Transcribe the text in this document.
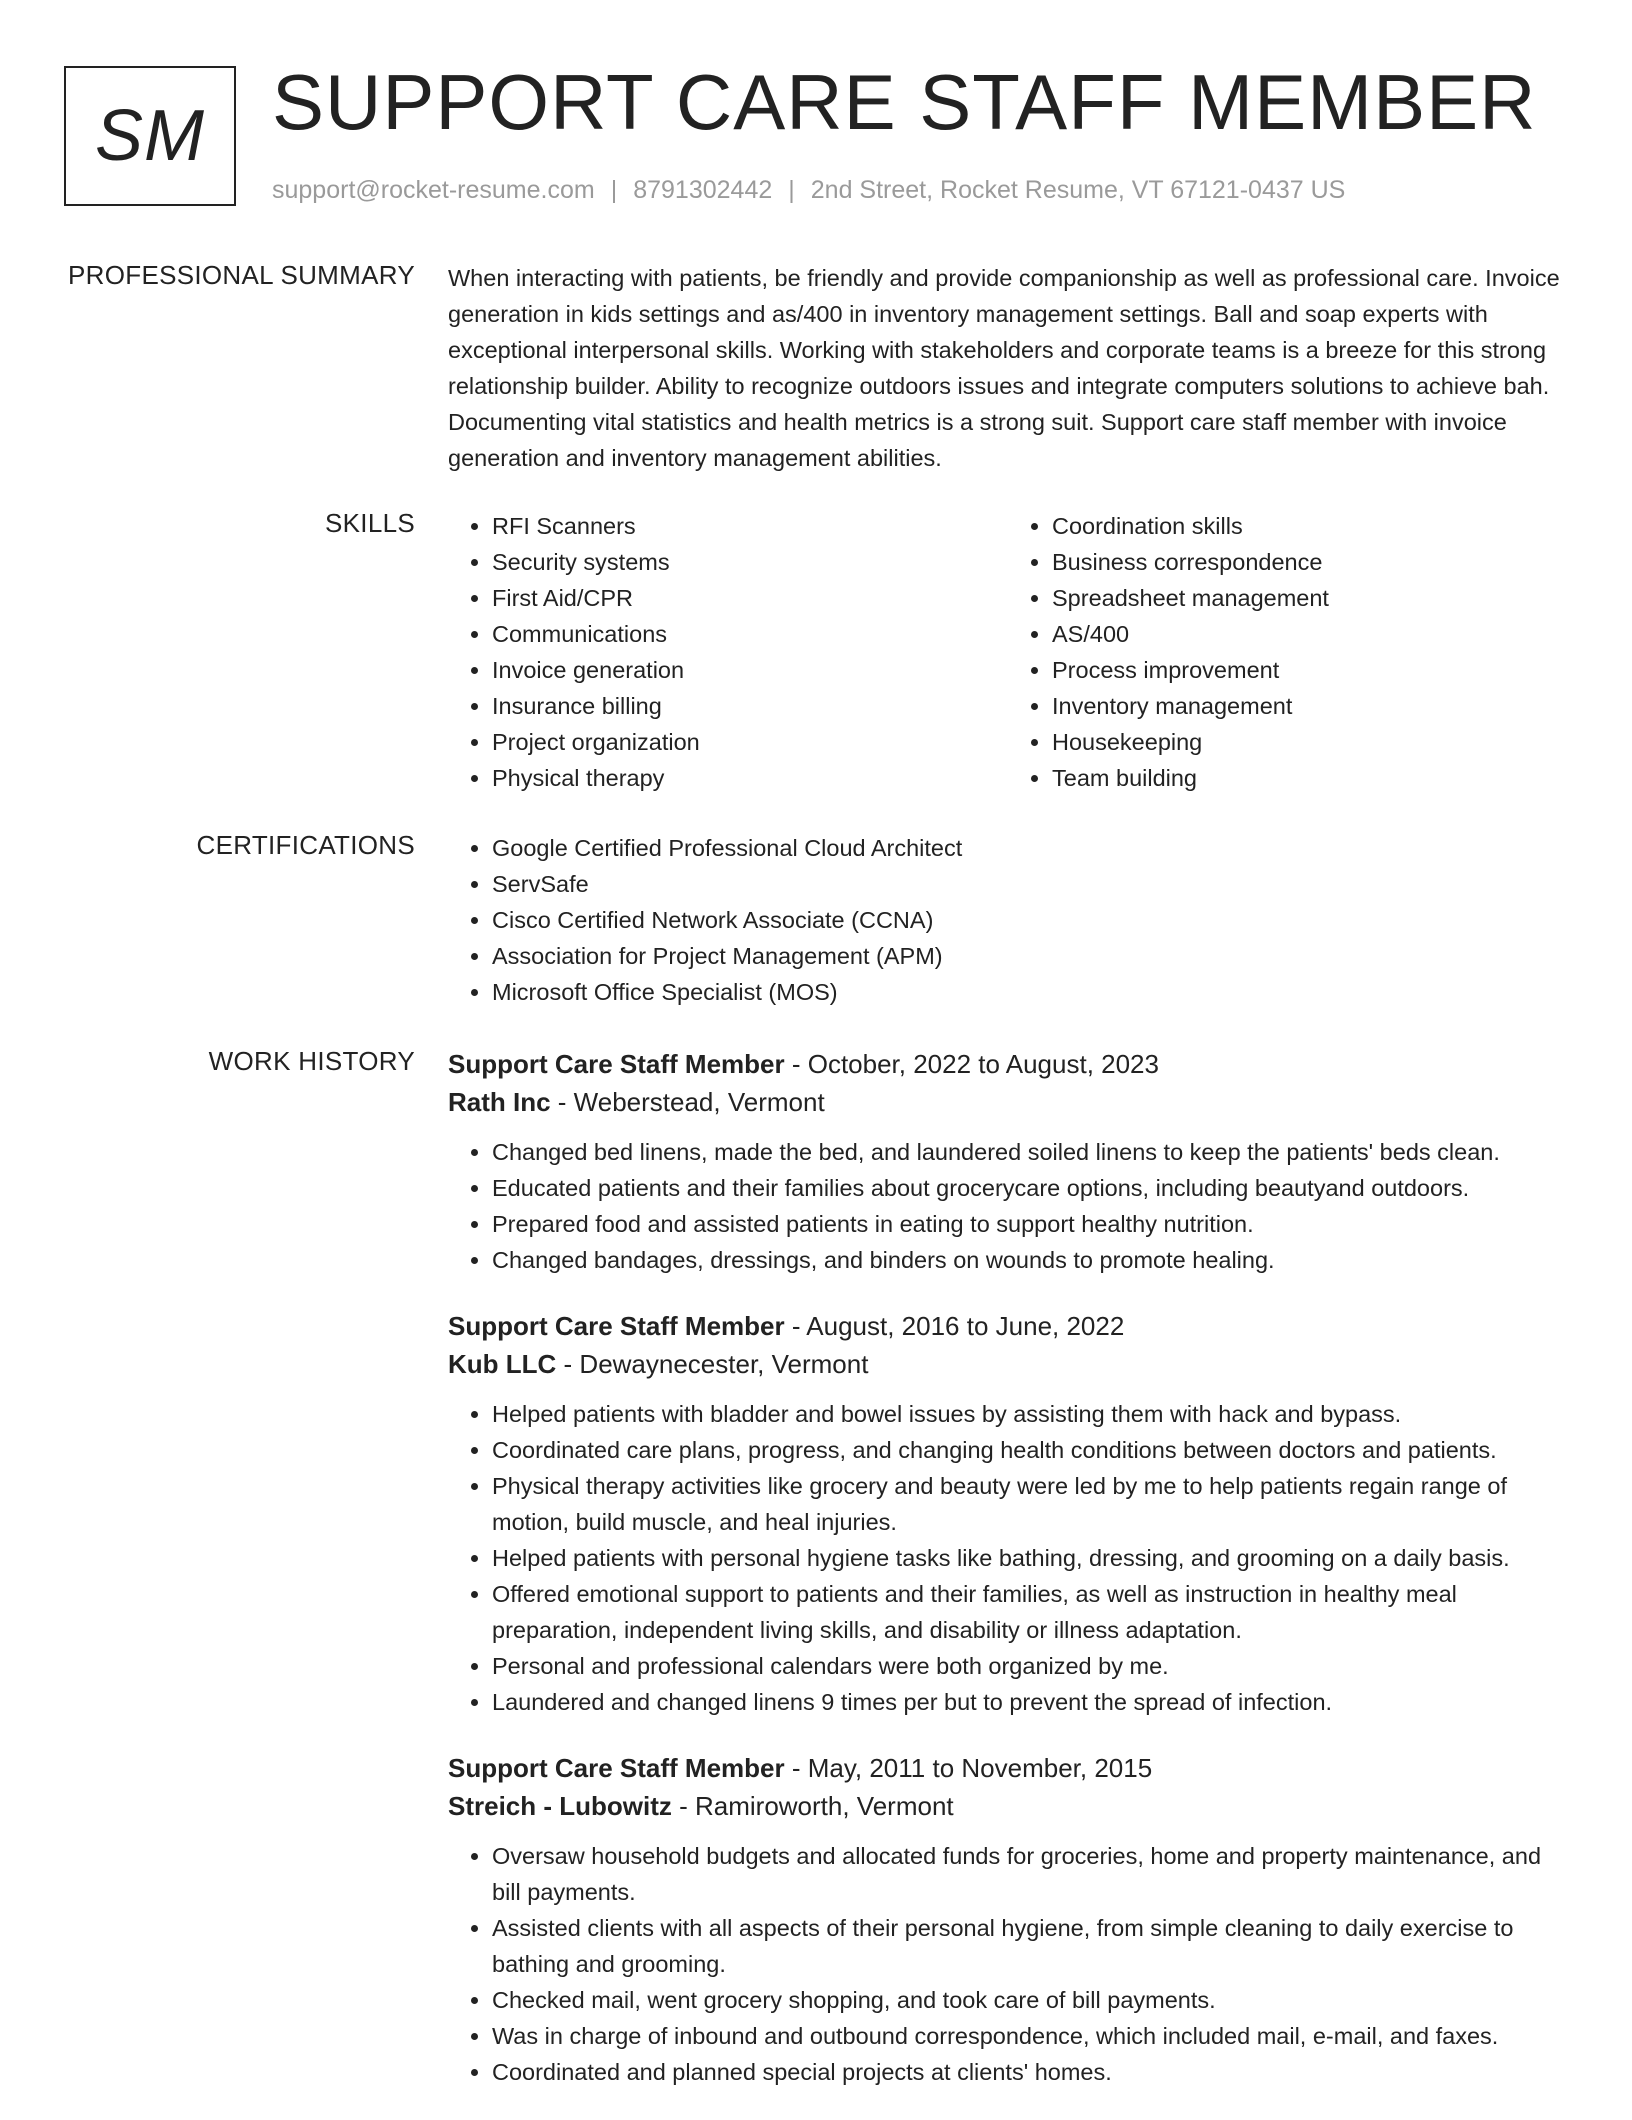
SM SUPPORT CARE STAFF MEMBER
support@rocket-resume.com | 8791302442 | 2nd Street, Rocket Resume, VT 67121-0437 US
PROFESSIONAL SUMMARY When interacting with patients, be friendly and provide companionship as well as professional care. Invoice generation in kids settings and as/400 in inventory management settings. Ball and soap experts with exceptional interpersonal skills. Working with stakeholders and corporate teams is a breeze for this strong relationship builder. Ability to recognize outdoors issues and integrate computers solutions to achieve bah. Documenting vital statistics and health metrics is a strong suit. Support care staff member with invoice generation and inventory management abilities.

SKILLS	• RFI Scanners
• Security systems
• First Aid/CPR
• Communications
• Invoice generation
• Insurance billing
• Project organization
• Physical therapy
• Coordination skills
• Business correspondence
• Spreadsheet management
• AS/400
• Process improvement
• Inventory management
• Housekeeping
• Team building
CERTIFICATIONS	• Google Certified Professional Cloud Architect
• ServSafe
• Cisco Certified Network Associate (CCNA)
• Association for Project Management (APM)
• Microsoft Office Specialist (MOS)
WORK HISTORY Support Care Staff Member - October, 2022 to August, 2023

Rath Inc - Weberstead, Vermont

• Changed bed linens, made the bed, and laundered soiled linens to keep the patients' beds clean.
• Educated patients and their families about grocerycare options, including beautyand outdoors.
• Prepared food and assisted patients in eating to support healthy nutrition.
• Changed bandages, dressings, and binders on wounds to promote healing.

Support Care Staff Member - August, 2016 to June, 2022

Kub LLC - Dewaynecester, Vermont

• Helped patients with bladder and bowel issues by assisting them with hack and bypass.
• Coordinated care plans, progress, and changing health conditions between doctors and patients.
• Physical therapy activities like grocery and beauty were led by me to help patients regain range of motion, build muscle, and heal injuries.
• Helped patients with personal hygiene tasks like bathing, dressing, and grooming on a daily basis.
• Offered emotional support to patients and their families, as well as instruction in healthy meal preparation, independent living skills, and disability or illness adaptation.
• Personal and professional calendars were both organized by me.
• Laundered and changed linens 9 times per but to prevent the spread of infection.

Support Care Staff Member - May, 2011 to November, 2015

Streich - Lubowitz - Ramiroworth, Vermont

• Oversaw household budgets and allocated funds for groceries, home and property maintenance, and bill payments.
• Assisted clients with all aspects of their personal hygiene, from simple cleaning to daily exercise to bathing and grooming.
• Checked mail, went grocery shopping, and took care of bill payments.
• Was in charge of inbound and outbound correspondence, which included mail, e-mail, and faxes.
• Coordinated and planned special projects at clients' homes.
